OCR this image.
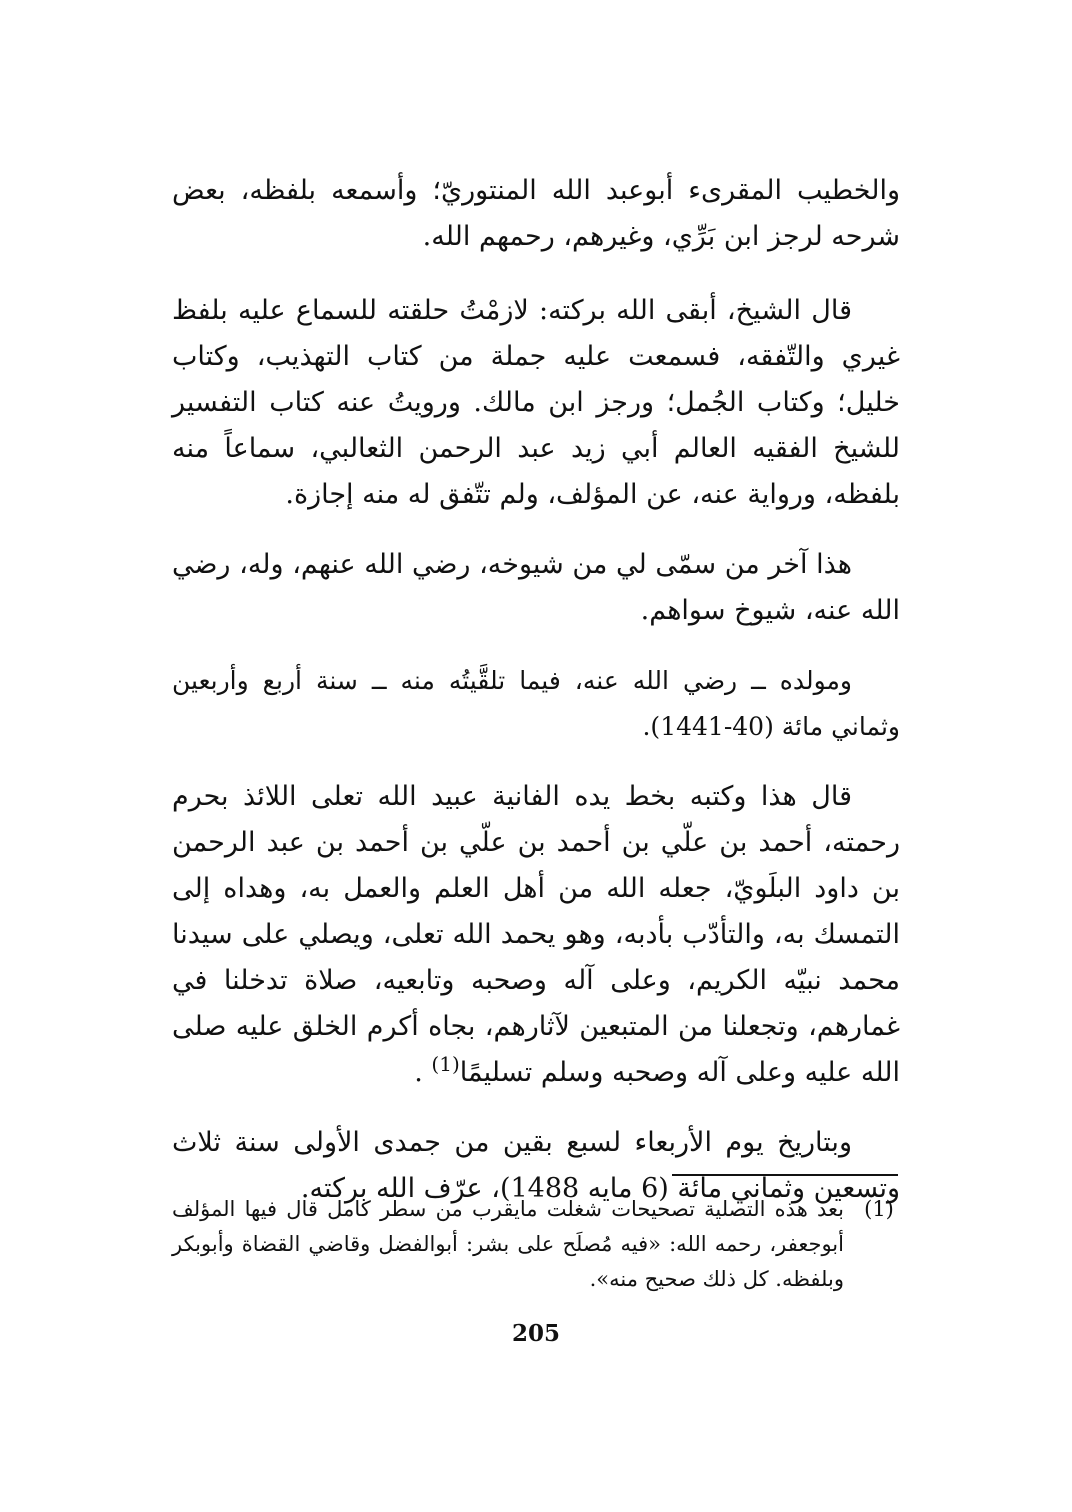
والخطيب المقرىء أبوعبد الله المنتوريّ؛ وأسمعه بلفظه، بعض شرحه لرجز ابن بَرِّي، وغيرهم، رحمهم الله.

قال الشيخ، أبقى الله بركته: لازمْتُ حلقته للسماع عليه بلفظ غيري والتّفقه، فسمعت عليه جملة من كتاب التهذيب، وكتاب خليل؛ وكتاب الجُمل؛ ورجز ابن مالك. ورويتُ عنه كتاب التفسير للشيخ الفقيه العالم أبي زيد عبد الرحمن الثعالبي، سماعاً منه بلفظه، ورواية عنه، عن المؤلف، ولم تتّفق له منه إجازة.

هذا آخر من سمّى لي من شيوخه، رضي الله عنهم، وله، رضي الله عنه، شيوخ سواهم.

ومولده ــ رضي الله عنه، فيما تلقَّيتُه منه ــ سنة أربع وأربعين وثماني مائة (40-1441).

قال هذا وكتبه بخط يده الفانية عبيد الله تعلى اللائذ بحرم رحمته، أحمد بن علّي بن أحمد بن علّي بن أحمد بن عبد الرحمن بن داود البلَويّ، جعله الله من أهل العلم والعمل به، وهداه إلى التمسك به، والتأدّب بأدبه، وهو يحمد الله تعلى، ويصلي على سيدنا محمد نبيّه الكريم، وعلى آله وصحبه وتابعيه، صلاة تدخلنا في غمارهم، وتجعلنا من المتبعين لآثارهم، بجاه أكرم الخلق عليه صلى الله عليه وعلى آله وصحبه وسلم تسليمًا$^{(1)}$ .

وبتاريخ يوم الأربعاء لسبع بقين من جمدى الأولى سنة ثلاث وتسعين وثماني مائة (6 مايه 1488)، عرّف الله بركته.

(1)
بعد هذه التصلية تصحيحات شغلت مايقرب من سطر كامل قال فيها المؤلف أبوجعفر، رحمه الله: «فيه مُصلَح على بشر: أبوالفضل وقاضي القضاة وأبوبكر وبلفظه. كل ذلك صحيح منه».
205
